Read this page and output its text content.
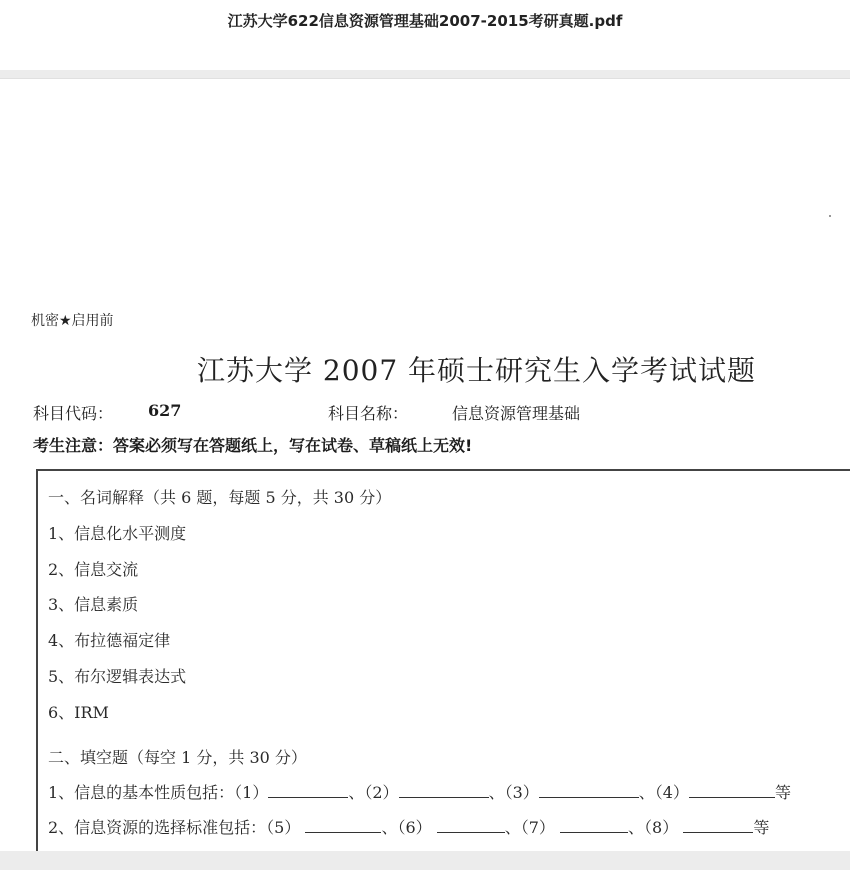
江苏大学622信息资源管理基础2007-2015考研真题.pdf
机密★启用前
江苏大学 2007 年硕士研究生入学考试试题
科目代码： 627	科目名称：	信息资源管理基础
考生注意：答案必须写在答题纸上，写在试卷、草稿纸上无效!
一、名词解释（共 6 题，每题 5 分，共 30 分）
1、信息化水平测度
2、信息交流
3、信息素质
4、布拉德福定律
5、布尔逻辑表达式
6、IRM
二、填空题（每空 1 分，共 30 分）
1、信息的基本性质包括：（1）	、（2）	、（3）	、（4）	等
2、信息资源的选择标准包括：（5）	、（6）	、（7）	、（8）	等
